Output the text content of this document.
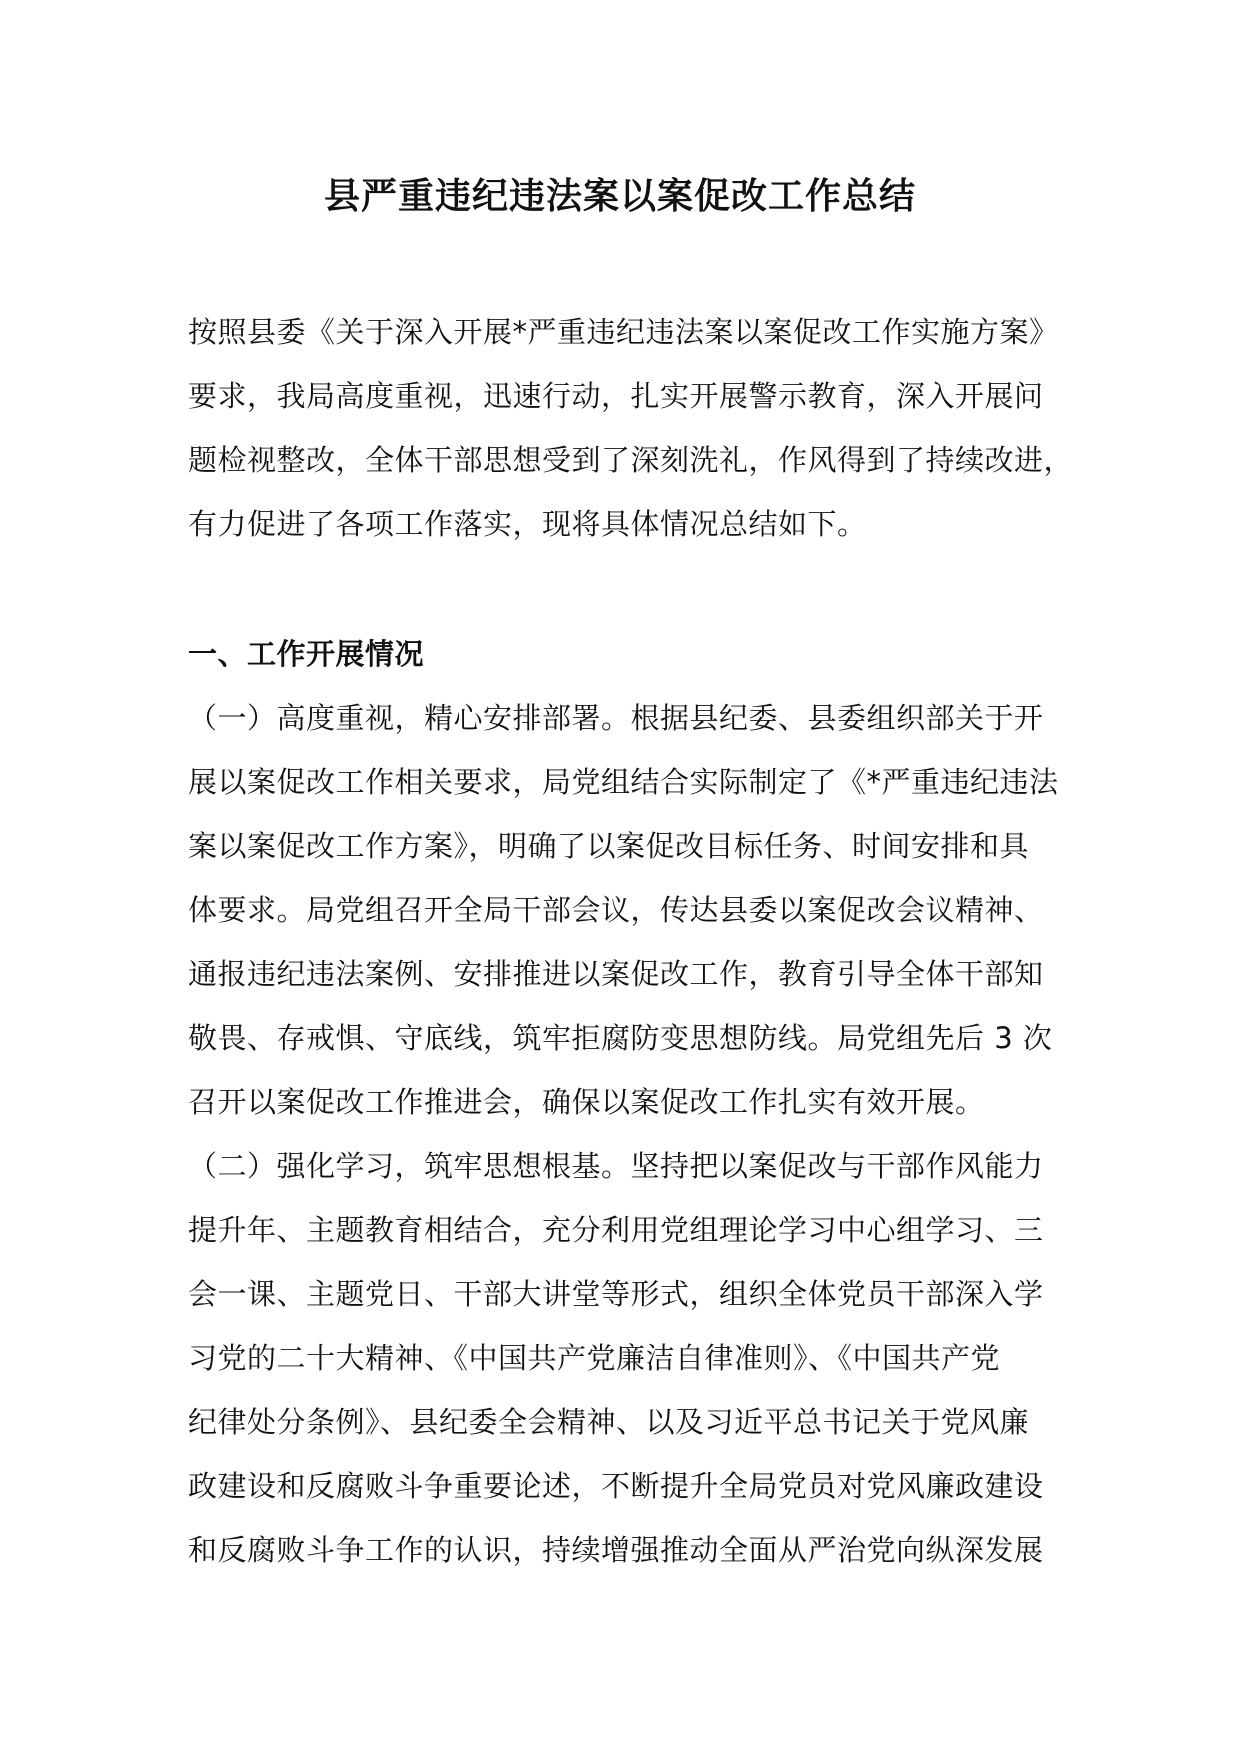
县严重违纪违法案以案促改工作总结
按照县委《关于深入开展*严重违纪违法案以案促改工作实施方案》
要求，我局高度重视，迅速行动，扎实开展警示教育，深入开展问
题检视整改，全体干部思想受到了深刻洗礼，作风得到了持续改进，
有力促进了各项工作落实，现将具体情况总结如下。
一、工作开展情况
（一）高度重视，精心安排部署。根据县纪委、县委组织部关于开
展以案促改工作相关要求，局党组结合实际制定了《*严重违纪违法
案以案促改工作方案》，明确了以案促改目标任务、时间安排和具
体要求。局党组召开全局干部会议，传达县委以案促改会议精神、
通报违纪违法案例、安排推进以案促改工作，教育引导全体干部知
敬畏、存戒惧、守底线，筑牢拒腐防变思想防线。局党组先后 3 次
召开以案促改工作推进会，确保以案促改工作扎实有效开展。
（二）强化学习，筑牢思想根基。坚持把以案促改与干部作风能力
提升年、主题教育相结合，充分利用党组理论学习中心组学习、三
会一课、主题党日、干部大讲堂等形式，组织全体党员干部深入学
习党的二十大精神、《中国共产党廉洁自律准则》、《中国共产党
纪律处分条例》、县纪委全会精神、以及习近平总书记关于党风廉
政建设和反腐败斗争重要论述，不断提升全局党员对党风廉政建设
和反腐败斗争工作的认识，持续增强推动全面从严治党向纵深发展
